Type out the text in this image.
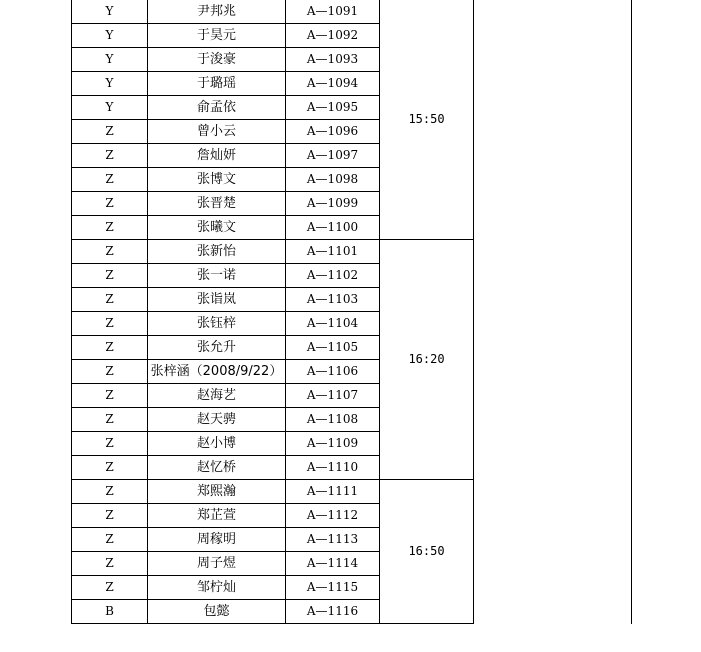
Y	尹邦兆	A—1091	15:50	
Y	于昊元	A—1092		
Y	于浚豪	A—1093		
Y	于璐瑶	A—1094		
Y	俞孟依	A—1095		
Z	曾小云	A—1096		
Z	詹灿妍	A—1097		
Z	张博文	A—1098		
Z	张晋楚	A—1099		
Z	张曦文	A—1100		
Z	张新怡	A—1101	16:20	
Z	张一诺	A—1102		
Z	张诣岚	A—1103		
Z	张钰梓	A—1104		
Z	张允升	A—1105		
Z	张梓涵（2008/9/22）	A—1106		
Z	赵海艺	A—1107		
Z	赵天骋	A—1108		
Z	赵小博	A—1109		
Z	赵忆桥	A—1110		
Z	郑熙瀚	A—1111	16:50	
Z	郑芷萱	A—1112		
Z	周稼明	A—1113		
Z	周子煜	A—1114		
Z	邹柠灿	A—1115		
B	包懿	A—1116		
